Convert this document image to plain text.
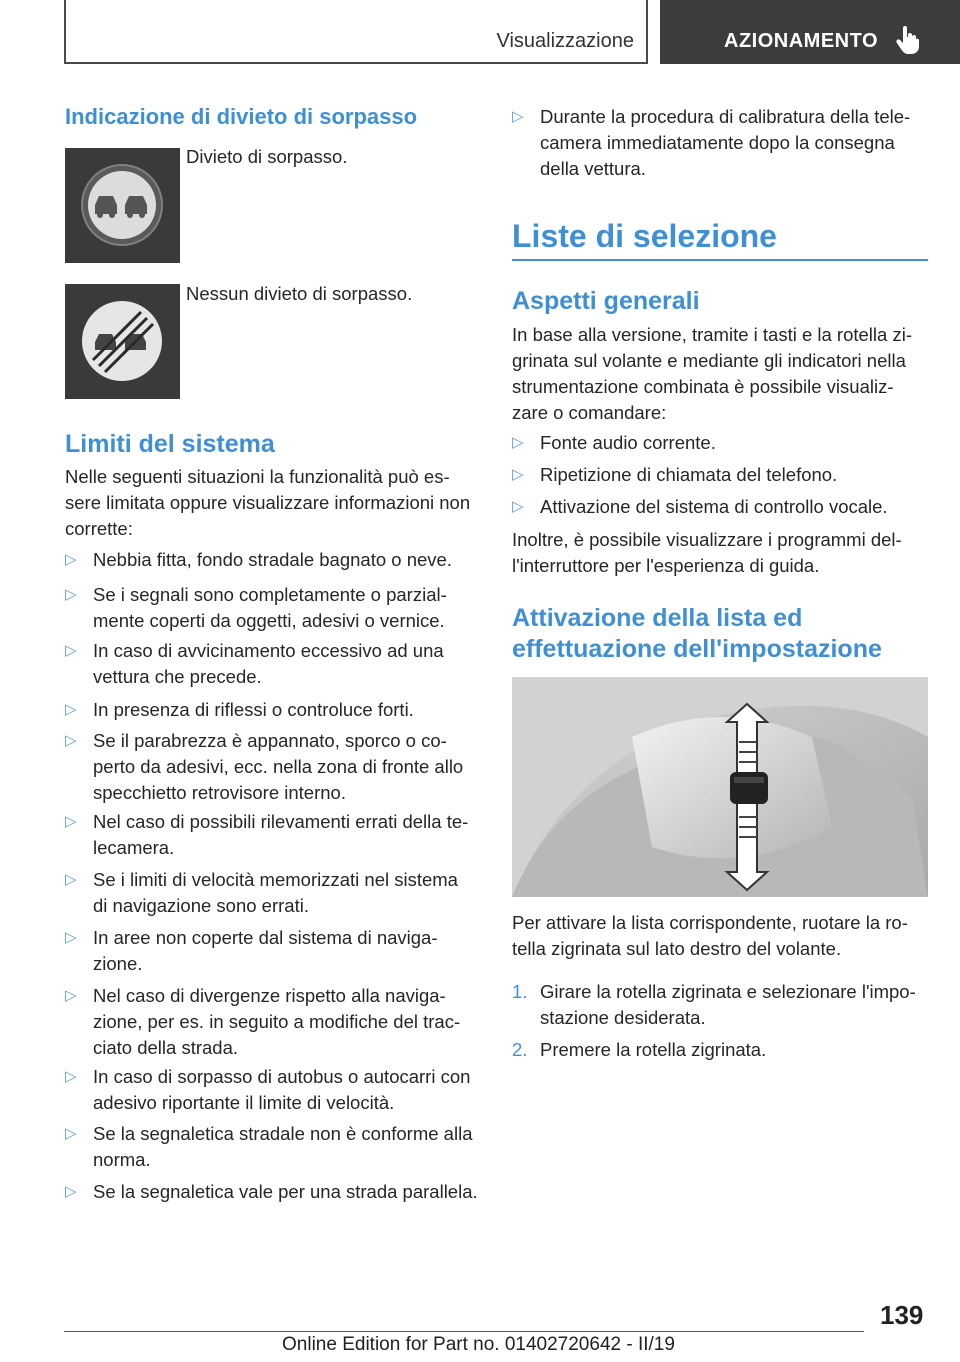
Visualizzazione	AZIONAMENTO
Indicazione di divieto di sorpasso
Divieto di sorpasso.
Nessun divieto di sorpasso.
Limiti del sistema
Nelle seguenti situazioni la funzionalità può es-
sere limitata oppure visualizzare informazioni non
corrette:
▷ Nebbia fitta, fondo stradale bagnato o neve.
▷ Se i segnali sono completamente o parzial-
mente coperti da oggetti, adesivi o vernice.
▷ In caso di avvicinamento eccessivo ad una
vettura che precede.
▷ In presenza di riflessi o controluce forti.
▷ Se il parabrezza è appannato, sporco o co-
perto da adesivi, ecc. nella zona di fronte allo
specchietto retrovisore interno.
▷ Nel caso di possibili rilevamenti errati della te-
lecamera.
▷ Se i limiti di velocità memorizzati nel sistema
di navigazione sono errati.
▷ In aree non coperte dal sistema di naviga-
zione.
▷ Nel caso di divergenze rispetto alla naviga-
zione, per es. in seguito a modifiche del trac-
ciato della strada.
▷ In caso di sorpasso di autobus o autocarri con
adesivo riportante il limite di velocità.
▷ Se la segnaletica stradale non è conforme alla
norma.
▷ Se la segnaletica vale per una strada parallela.
▷ Durante la procedura di calibratura della tele-
camera immediatamente dopo la consegna
della vettura.
Liste di selezione
Aspetti generali
In base alla versione, tramite i tasti e la rotella zi-
grinata sul volante e mediante gli indicatori nella
strumentazione combinata è possibile visualiz-
zare o comandare:
▷ Fonte audio corrente.
▷ Ripetizione di chiamata del telefono.
▷ Attivazione del sistema di controllo vocale.
Inoltre, è possibile visualizzare i programmi del-
l'interruttore per l'esperienza di guida.
Attivazione della lista ed
effettuazione dell'impostazione
Per attivare la lista corrispondente, ruotare la ro-
tella zigrinata sul lato destro del volante.
1. Girare la rotella zigrinata e selezionare l'impo-
stazione desiderata.
2. Premere la rotella zigrinata.
139
Online Edition for Part no. 01402720642 - II/19
